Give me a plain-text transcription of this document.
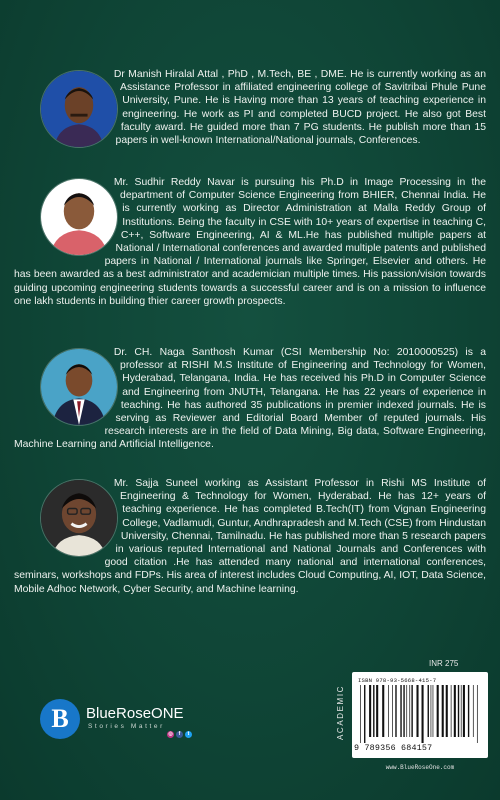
Dr Manish Hiralal Attal , PhD , M.Tech, BE , DME. He is currently working as an Assistance Professor in affiliated engineering college of Savitribai Phule Pune University, Pune. He is Having more than 13 years of teaching experience in engineering. He work as PI and completed BUCD project. He also got Best faculty award. He guided more than 7 PG students. He publish more than 15 papers in well-known International/National journals, Conferences.

Mr. Sudhir Reddy Navar is pursuing his Ph.D in Image Processing in the department of Computer Science Engineering from BHIER, Chennai India. He is currently working as Director Administration at Malla Reddy Group of Institutions. Being the faculty in CSE with 10+ years of expertise in teaching C, C++, Software Engineering, AI & ML.He has published multiple papers at National / International conferences and awarded multiple patents and published papers in National / International journals like Springer, Elsevier and others. He has been awarded as a best administrator and academician multiple times. His passion/vision towards guiding upcoming engineering students towards a successful career and is on a mission to influence one lakh students in building thier career growth prospects.

Dr. CH. Naga Santhosh Kumar (CSI Membership No: 2010000525) is a professor at RISHI M.S Institute of Engineering and Technology for Women, Hyderabad, Telangana, India. He has received his Ph.D in Computer Science and Engineering from JNUTH, Telangana. He has 22 years of experience in teaching. He has authored 35 publications in premier indexed journals. He is serving as Reviewer and Editorial Board Member of reputed journals. His research interests are in the field of Data Mining, Big data, Software Engineering, Machine Learning and Artificial Intelligence.

Mr. Sajja Suneel working as Assistant Professor in Rishi MS Institute of Engineering & Technology for Women, Hyderabad. He has 12+ years of teaching experience. He has completed B.Tech(IT) from Vignan Engineering College, Vadlamudi, Guntur, Andhrapradesh and M.Tech (CSE) from Hindustan University, Chennai, Tamilnadu. He has published more than 5 research papers in various reputed International and National Journals and Conferences with good citation .He has attended many national and international conferences, seminars, workshops and FDPs. His area of interest includes Cloud Computing, AI, IOT, Data Science, Mobile Adhoc Network, Cyber Security, and Machine learning.

B BlueRoseONE
Stories Matter
◎	f	t
INR 275
ACADEMIC
ISBN 978-93-5668-415-7
9 789356 684157
www.BlueRoseOne.com
